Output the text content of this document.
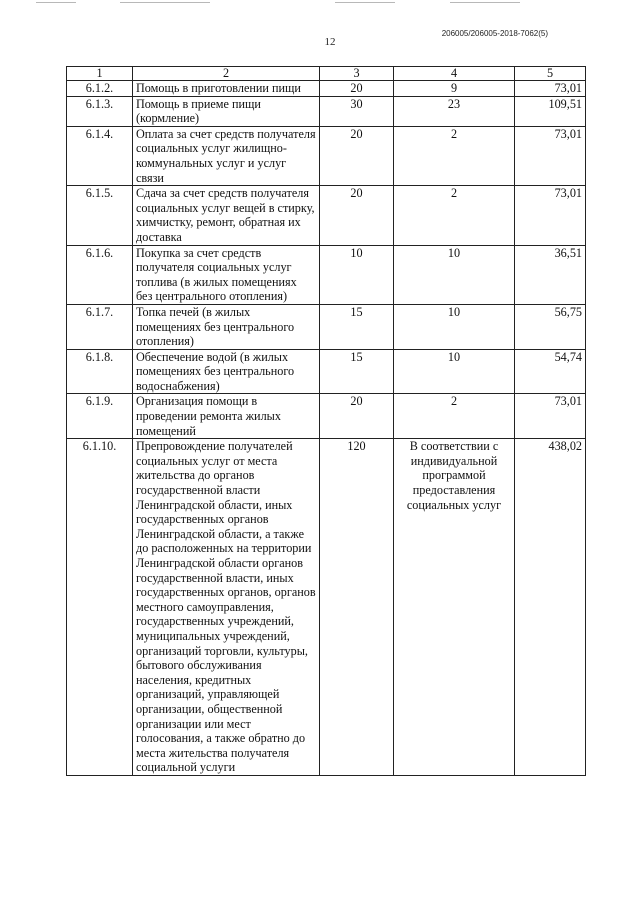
206005/206005-2018-7062(5)
12
1	2	3	4	5
6.1.2.	Помощь в приготовлении пищи	20	9	73,01
6.1.3.	Помощь в приеме пищи (кормление)	30	23	109,51
6.1.4.	Оплата за счет средств получателя социальных услуг жилищно-коммунальных услуг и услуг связи	20	2	73,01
6.1.5.	Сдача за счет средств получателя социальных услуг вещей в стирку, химчистку, ремонт, обратная их доставка	20	2	73,01
6.1.6.	Покупка за счет средств получателя социальных услуг топлива (в жилых помещениях без центрального отопления)	10	10	36,51
6.1.7.	Топка печей (в жилых помещениях без центрального отопления)	15	10	56,75
6.1.8.	Обеспечение водой (в жилых помещениях без центрального водоснабжения)	15	10	54,74
6.1.9.	Организация помощи в проведении ремонта жилых помещений	20	2	73,01
6.1.10.	Препровождение получателей социальных услуг от места жительства до органов государственной власти Ленинградской области, иных государственных органов Ленинградской области, а также до расположенных на территории Ленинградской области органов государственной власти, иных государственных органов, органов местного самоуправления, государственных учреждений, муниципальных учреждений, организаций торговли, культуры, бытового обслуживания населения, кредитных организаций, управляющей организации, общественной организации или мест голосования, а также обратно до места жительства получателя социальной услуги	120	В соответствии с индивидуальной программой предоставления социальных услуг	438,02
